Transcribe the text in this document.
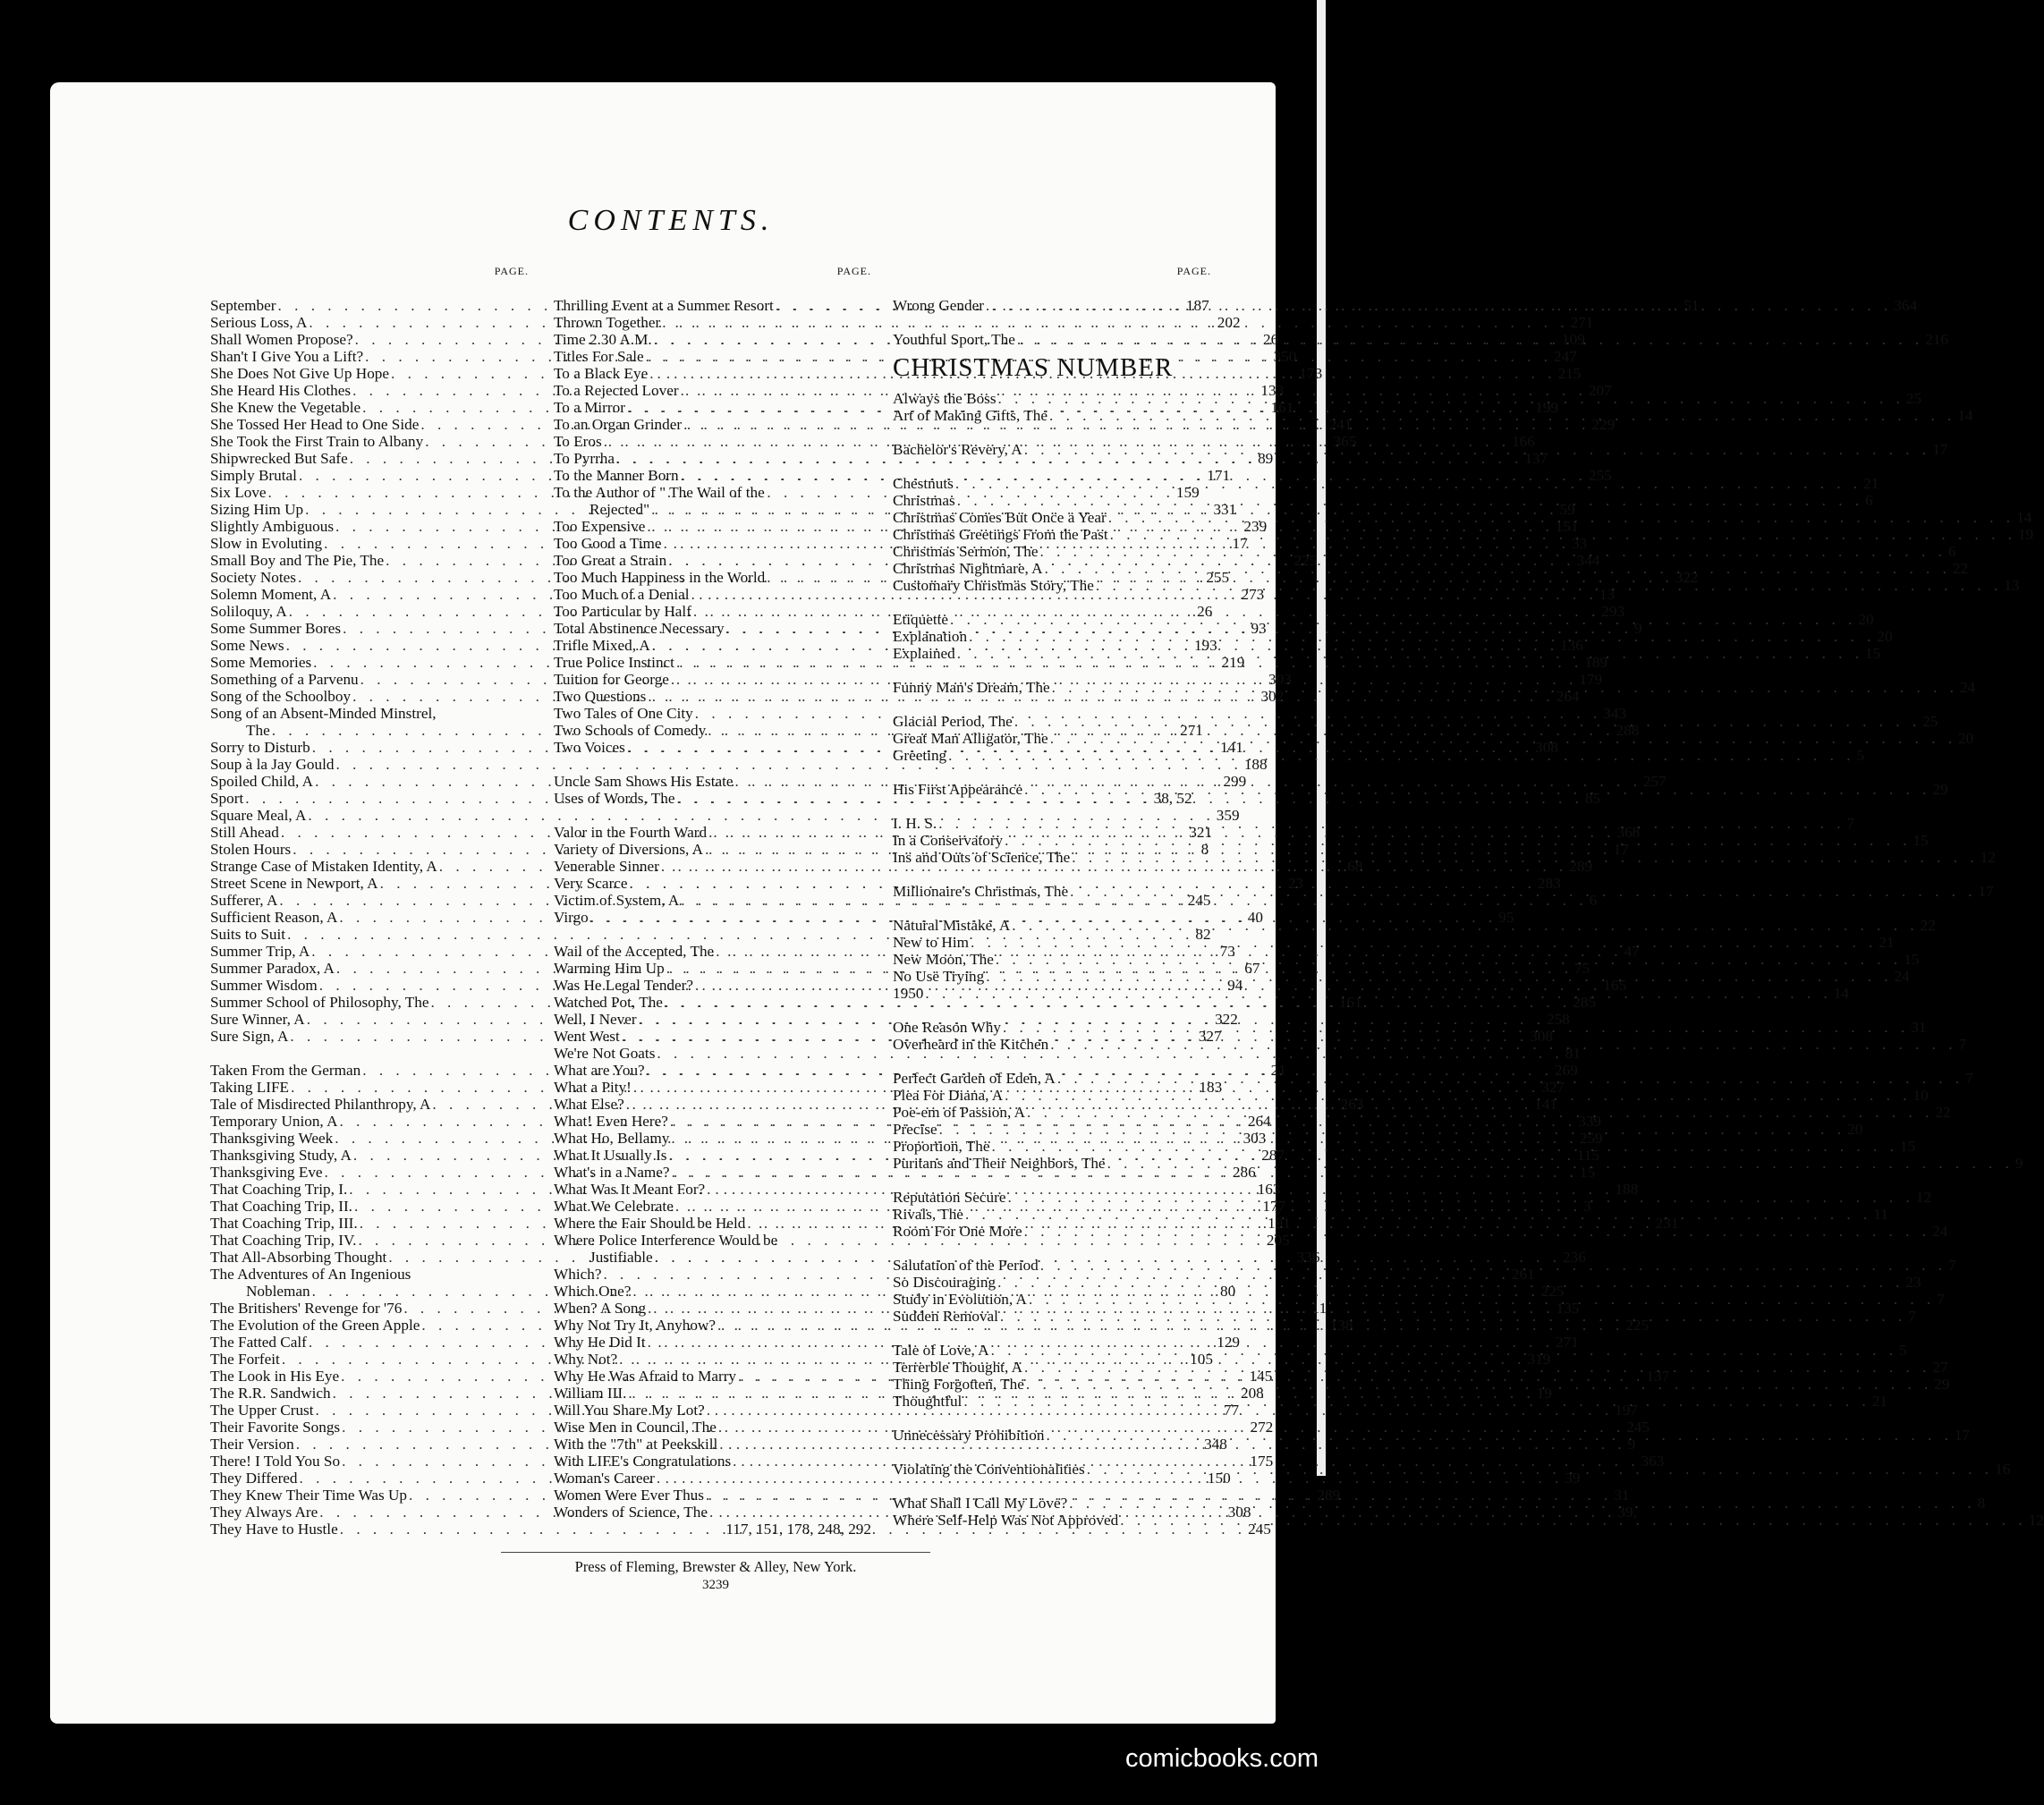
CONTENTS.
PAGE.
September . . .	187
Serious Loss, A . . .	202
Shall Women Propose? . . .	26
Shan't I Give You a Lift? . . .	350
She Does Not Give Up Hope . . .	173
She Heard His Clothes . . .	133
She Knew the Vegetable . . .	161
She Tossed Her Head to One Side . . .	241
She Took the First Train to Albany . . .	365
Shipwrecked But Safe . . .	89
Simply Brutal . . .	171
Six Love . . .	159
Sizing Him Up . . .	331
Slightly Ambiguous . . .	239
Slow in Evoluting . . .	17
Small Boy and The Pie, The . . .	225
Society Notes . . .	255
Solemn Moment, A . . .	273
Soliloquy, A . . .	26
Some Summer Bores . . .	93
Some News . . .	193
Some Memories . . .	219
Something of a Parvenu . . .	303
Song of the Schoolboy . . .	302
Song of an Absent-Minded Minstrel,
The . . .	271
Sorry to Disturb . . .	141
Soup à la Jay Gould . . .	188
Spoiled Child, A . . .	299
Sport . . .	38, 52
Square Meal, A . . .	359
Still Ahead . . .	321
Stolen Hours . . .	8
Strange Case of Mistaken Identity, A . . .	68
Street Scene in Newport, A . . .	23
Sufferer, A . . .	245
Sufficient Reason, A . . .	40
Suits to Suit . . .	82
Summer Trip, A . . .	73
Summer Paradox, A . . .	67
Summer Wisdom . . .	94
Summer School of Philosophy, The . . .	161
Sure Winner, A . . .	322
Sure Sign, A . . .	327
Taken From the German . . .	21
Taking LIFE . . .	183
Tale of Misdirected Philanthropy, A . . .	263
Temporary Union, A . . .	264
Thanksgiving Week . . .	303
Thanksgiving Study, A . . .	287
Thanksgiving Eve . . .	286
That Coaching Trip, I. . . .	163
That Coaching Trip, II. . . .	177
That Coaching Trip, III. . . .	191
That Coaching Trip, IV. . . .	205
That All-Absorbing Thought . . .	336
The Adventures of An Ingenious
Nobleman . . .	80
The Britishers' Revenge for '76 . . .	11
The Evolution of the Green Apple . . .	138
The Fatted Calf . . .	129
The Forfeit . . .	105
The Look in His Eye . . .	145
The R.R. Sandwich . . .	208
The Upper Crust . . .	77
Their Favorite Songs . . .	272
Their Version . . .	348
There! I Told You So . . .	175
They Differed . . .	150
They Knew Their Time Was Up . . .	289
They Always Are . . .	308
They Have to Hustle . . .	245
PAGE.
Thrilling Event at a Summer Resort . . .	51
Thrown Together . . .	271
Time 2.30 A.M. . . .	109
Titles For Sale . . .	247
To a Black Eye . . .	215
To a Rejected Lover . . .	207
To a Mirror . . .	199
To an Organ Grinder . . .	229
To Eros . . .	166
To Pyrrha . . .	137
To the Manner Born . . .	255
To the Author of " The Wail of the
Rejected" . . .	59
Too Expensive . . .	151
Too Good a Time . . .	33
Too Great a Strain . . .	344
Too Much Happiness in the World . . .	322
Too Much of a Denial . . .	13
Too Particular by Half . . .	293
Total Abstinence Necessary . . .	9
Trifle Mixed, A . . .	136
True Police Instinct . . .	189
Tuition for George . . .	179
Two Questions . . .	264
Two Tales of One City . . .	343
Two Schools of Comedy . . .	288
Two Voices . . .	308
Uncle Sam Shows His Estate . . .	257
Uses of Words, The . . .	85
Valor in the Fourth Ward . . .	368
Variety of Diversions, A . . .	17
Venerable Sinner . . .	289
Very Scarce . . .	283
Victim of System, A . . .	6
Virgo . . .	95
Wail of the Accepted, The . . .	47
Warming Him Up . . .	75
Was He Legal Tender? . . .	165
Watched Pot, The . . .	285
Well, I Never . . .	258
Went West . . .	308
We're Not Goats . . .	81
What are You? . . .	269
What a Pity! . . .	327
What Else? . . .	141
What! Even Here? . . .	339
What Ho, Bellamy . . .	259
What It Usually Is . . .	115
What's in a Name? . . .	15
What Was It Meant For? . . .	188
What We Celebrate . . .	3
Where the Fair Should be Held . . .	231
Where Police Interference Would be
Justifiable . . .	236
Which? . . .	261
Which One? . . .	225
When? A Song . . .	135
Why Not Try It, Anyhow? . . .	225
Why He Did It . . .	271
Why Not? . . .	319
Why He Was Afraid to Marry . . .	137
William III. . . .	19
Will You Share My Lot? . . .	197
Wise Men in Council, The . . .	245
With the "7th" at Peekskill . . .	9
With LIFE's Congratulations . . .	363
Woman's Career . . .	39
Women Were Ever Thus . . .	31
Wonders of Science, The . . .	39,
117, 151, 178, 248, 292
PAGE.
Wrong Gender . . .	364
Youthful Sport, The . . .	216
CHRISTMAS NUMBER
Always the Boss . . .	25
Art of Making Gifts, The . . .	14
Bachelor's Revery, A . . .	17
Chestnuts . . .	21
Christmas . . .	6
Christmas Comes But Once a Year . . .	14
Christmas Greetings From the Past . . .	19
Christmas Sermon, The . . .	6
Christmas Nightmare, A . . .	22
Customary Christmas Story, The . . .	13
Etiquette . . .	20
Explanation . . .	20
Explained . . .	15
Funny Man's Dream, The . . .	24
Glacial Period, The . . .	25
Great Man Alligator, The . . .	20
Greeting . . .	5
His First Appearance . . .	29
I. H. S. . . .	7
In a Conservatory . . .	15
Ins and Outs of Science, The . . .	12
Millionaire's Christmas, The . . .	17
Natural Mistake, A . . .	22
New to Him . . .	21
New Moon, The . . .	15
No Use Trying . . .	24
1950 . . .	14
One Reason Why . . .	31
Overheard in the Kitchen . . .	7
Perfect Garden of Eden, A . . .	7
Plea For Diana, A . . .	10
Poe-em of Passion, A . . .	22
Precise . . .	20
Proportion, The . . .	15
Puritans and Their Neighbors, The . . .	9
Reputation Secure . . .	12
Rivals, The . . .	11
Room For One More . . .	24
Salutation of the Period . . .	7
So Discouraging . . .	23
Study in Evolution, A . . .	7
Sudden Removal . . .	7
Tale of Love, A . . .	5
Terrerble Thought, A . . .	27
Thing Forgotten, The . . .	29
Thoughtful . . .	21
Unnecessary Prohibition . . .	17
Violating the Conventionalities . . .	16
What Shall I Call My Love? . . .	8
Where Self-Help Was Not Approved . . .	12
Press of Fleming, Brewster & Alley, New York.
3239
comicbooks.com
